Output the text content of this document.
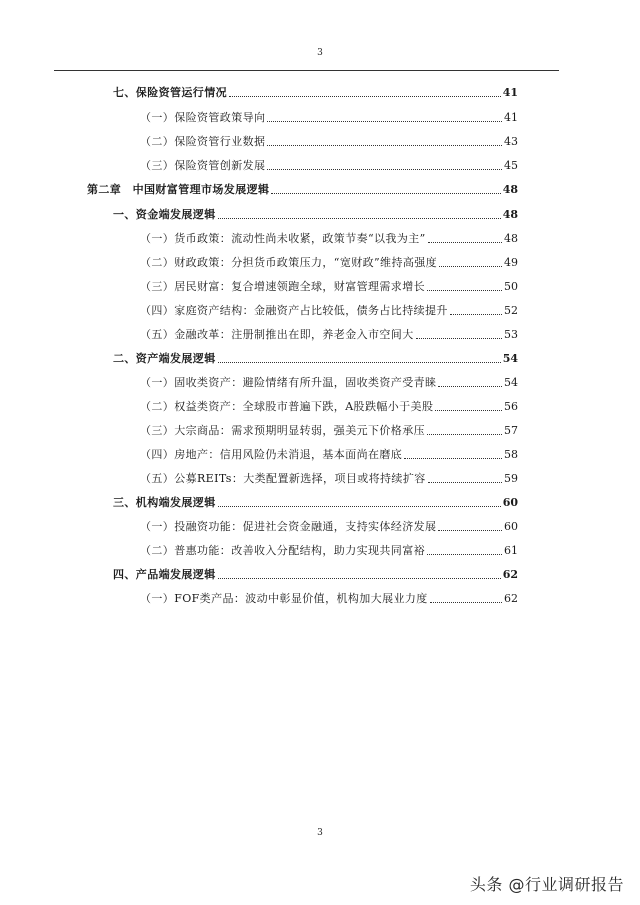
3
七、保险资管运行情况	41
（一）保险资管政策导向	41
（二）保险资管行业数据	43
（三）保险资管创新发展	45
第二章　中国财富管理市场发展逻辑	48
一、资金端发展逻辑	48
（一）货币政策：流动性尚未收紧，政策节奏“以我为主”	48
（二）财政政策：分担货币政策压力，“宽财政”维持高强度	49
（三）居民财富：复合增速领跑全球，财富管理需求增长	50
（四）家庭资产结构：金融资产占比较低，债务占比持续提升	52
（五）金融改革：注册制推出在即，养老金入市空间大	53
二、资产端发展逻辑	54
（一）固收类资产：避险情绪有所升温，固收类资产受青睐	54
（二）权益类资产：全球股市普遍下跌，A股跌幅小于美股	56
（三）大宗商品：需求预期明显转弱，强美元下价格承压	57
（四）房地产：信用风险仍未消退，基本面尚在磨底	58
（五）公募REITs：大类配置新选择，项目或将持续扩容	59
三、机构端发展逻辑	60
（一）投融资功能：促进社会资金融通，支持实体经济发展	60
（二）普惠功能：改善收入分配结构，助力实现共同富裕	61
四、产品端发展逻辑	62
（一）FOF类产品：波动中彰显价值，机构加大展业力度	62
3
头条 @行业调研报告
